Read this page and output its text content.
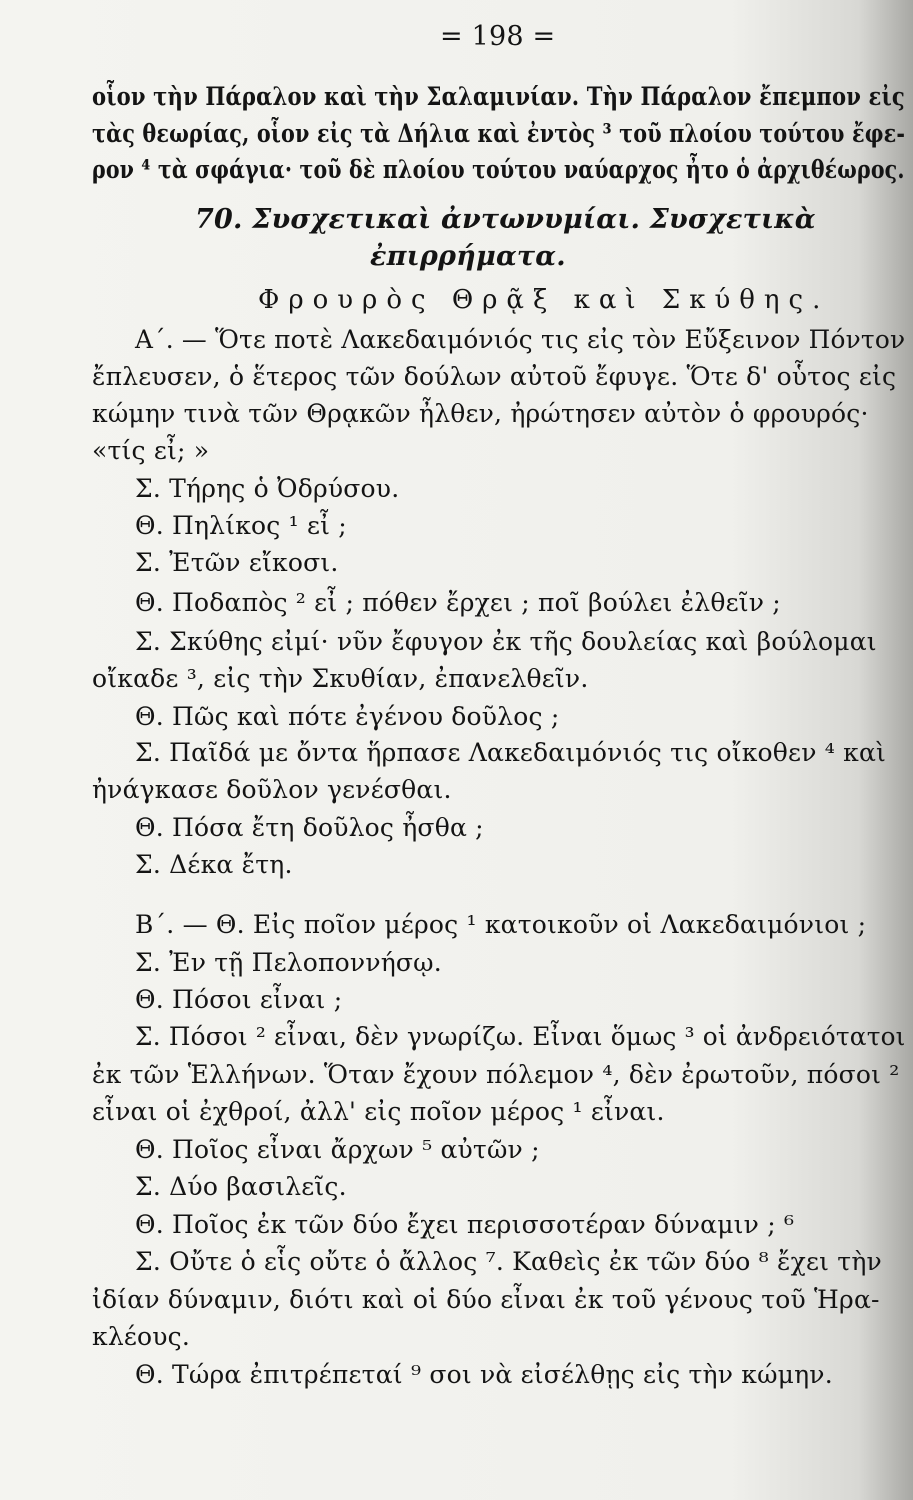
= 198 =
οἷον τὴν Πάραλον καὶ τὴν Σαλαμινίαν. Τὴν Πάραλον ἔπεμπον εἰς
τὰς θεωρίας, οἷον εἰς τὰ Δήλια καὶ ἐντὸς ³ τοῦ πλοίου τούτου ἔφε-
ρον ⁴ τὰ σφάγια· τοῦ δὲ πλοίου τούτου ναύαρχος ἦτο ὁ ἀρχιθέωρος.
70. Συσχετικαὶ ἀντωνυμίαι. Συσχετικὰ
ἐπιρρήματα.
Φρουρὸς Θρᾷξ καὶ Σκύθης.
Α΄. — Ὅτε ποτὲ Λακεδαιμόνιός τις εἰς τὸν Εὔξεινον Πόντον
ἔπλευσεν, ὁ ἕτερος τῶν δούλων αὐτοῦ ἔφυγε. Ὅτε δ' οὗτος εἰς
κώμην τινὰ τῶν Θρᾳκῶν ἦλθεν, ἠρώτησεν αὐτὸν ὁ φρουρός·
«τίς εἶ; »
Σ. Τήρης ὁ Ὀδρύσου.
Θ. Πηλίκος ¹ εἶ ;
Σ. Ἐτῶν εἴκοσι.
Θ. Ποδαπὸς ² εἶ ; πόθεν ἔρχει ; ποῖ βούλει ἐλθεῖν ;
Σ. Σκύθης εἰμί· νῦν ἔφυγον ἐκ τῆς δουλείας καὶ βούλομαι
οἴκαδε ³, εἰς τὴν Σκυθίαν, ἐπανελθεῖν.
Θ. Πῶς καὶ πότε ἐγένου δοῦλος ;
Σ. Παῖδά με ὄντα ἥρπασε Λακεδαιμόνιός τις οἴκοθεν ⁴ καὶ
ἠνάγκασε δοῦλον γενέσθαι.
Θ. Πόσα ἔτη δοῦλος ἦσθα ;
Σ. Δέκα ἔτη.
Β΄. — Θ. Εἰς ποῖον μέρος ¹ κατοικοῦν οἱ Λακεδαιμόνιοι ;
Σ. Ἐν τῇ Πελοποννήσῳ.
Θ. Πόσοι εἶναι ;
Σ. Πόσοι ² εἶναι, δὲν γνωρίζω. Εἶναι ὅμως ³ οἱ ἀνδρειότατοι
ἐκ τῶν Ἑλλήνων. Ὅταν ἔχουν πόλεμον ⁴, δὲν ἐρωτοῦν, πόσοι ²
εἶναι οἱ ἐχθροί, ἀλλ' εἰς ποῖον μέρος ¹ εἶναι.
Θ. Ποῖος εἶναι ἄρχων ⁵ αὐτῶν ;
Σ. Δύο βασιλεῖς.
Θ. Ποῖος ἐκ τῶν δύο ἔχει περισσοτέραν δύναμιν ; ⁶
Σ. Οὔτε ὁ εἷς οὔτε ὁ ἄλλος ⁷. Καθεὶς ἐκ τῶν δύο ⁸ ἔχει τὴν
ἰδίαν δύναμιν, διότι καὶ οἱ δύο εἶναι ἐκ τοῦ γένους τοῦ Ἡρα-
κλέους.
Θ. Τώρα ἐπιτρέπεταί ⁹ σοι νὰ εἰσέλθῃς εἰς τὴν κώμην.
